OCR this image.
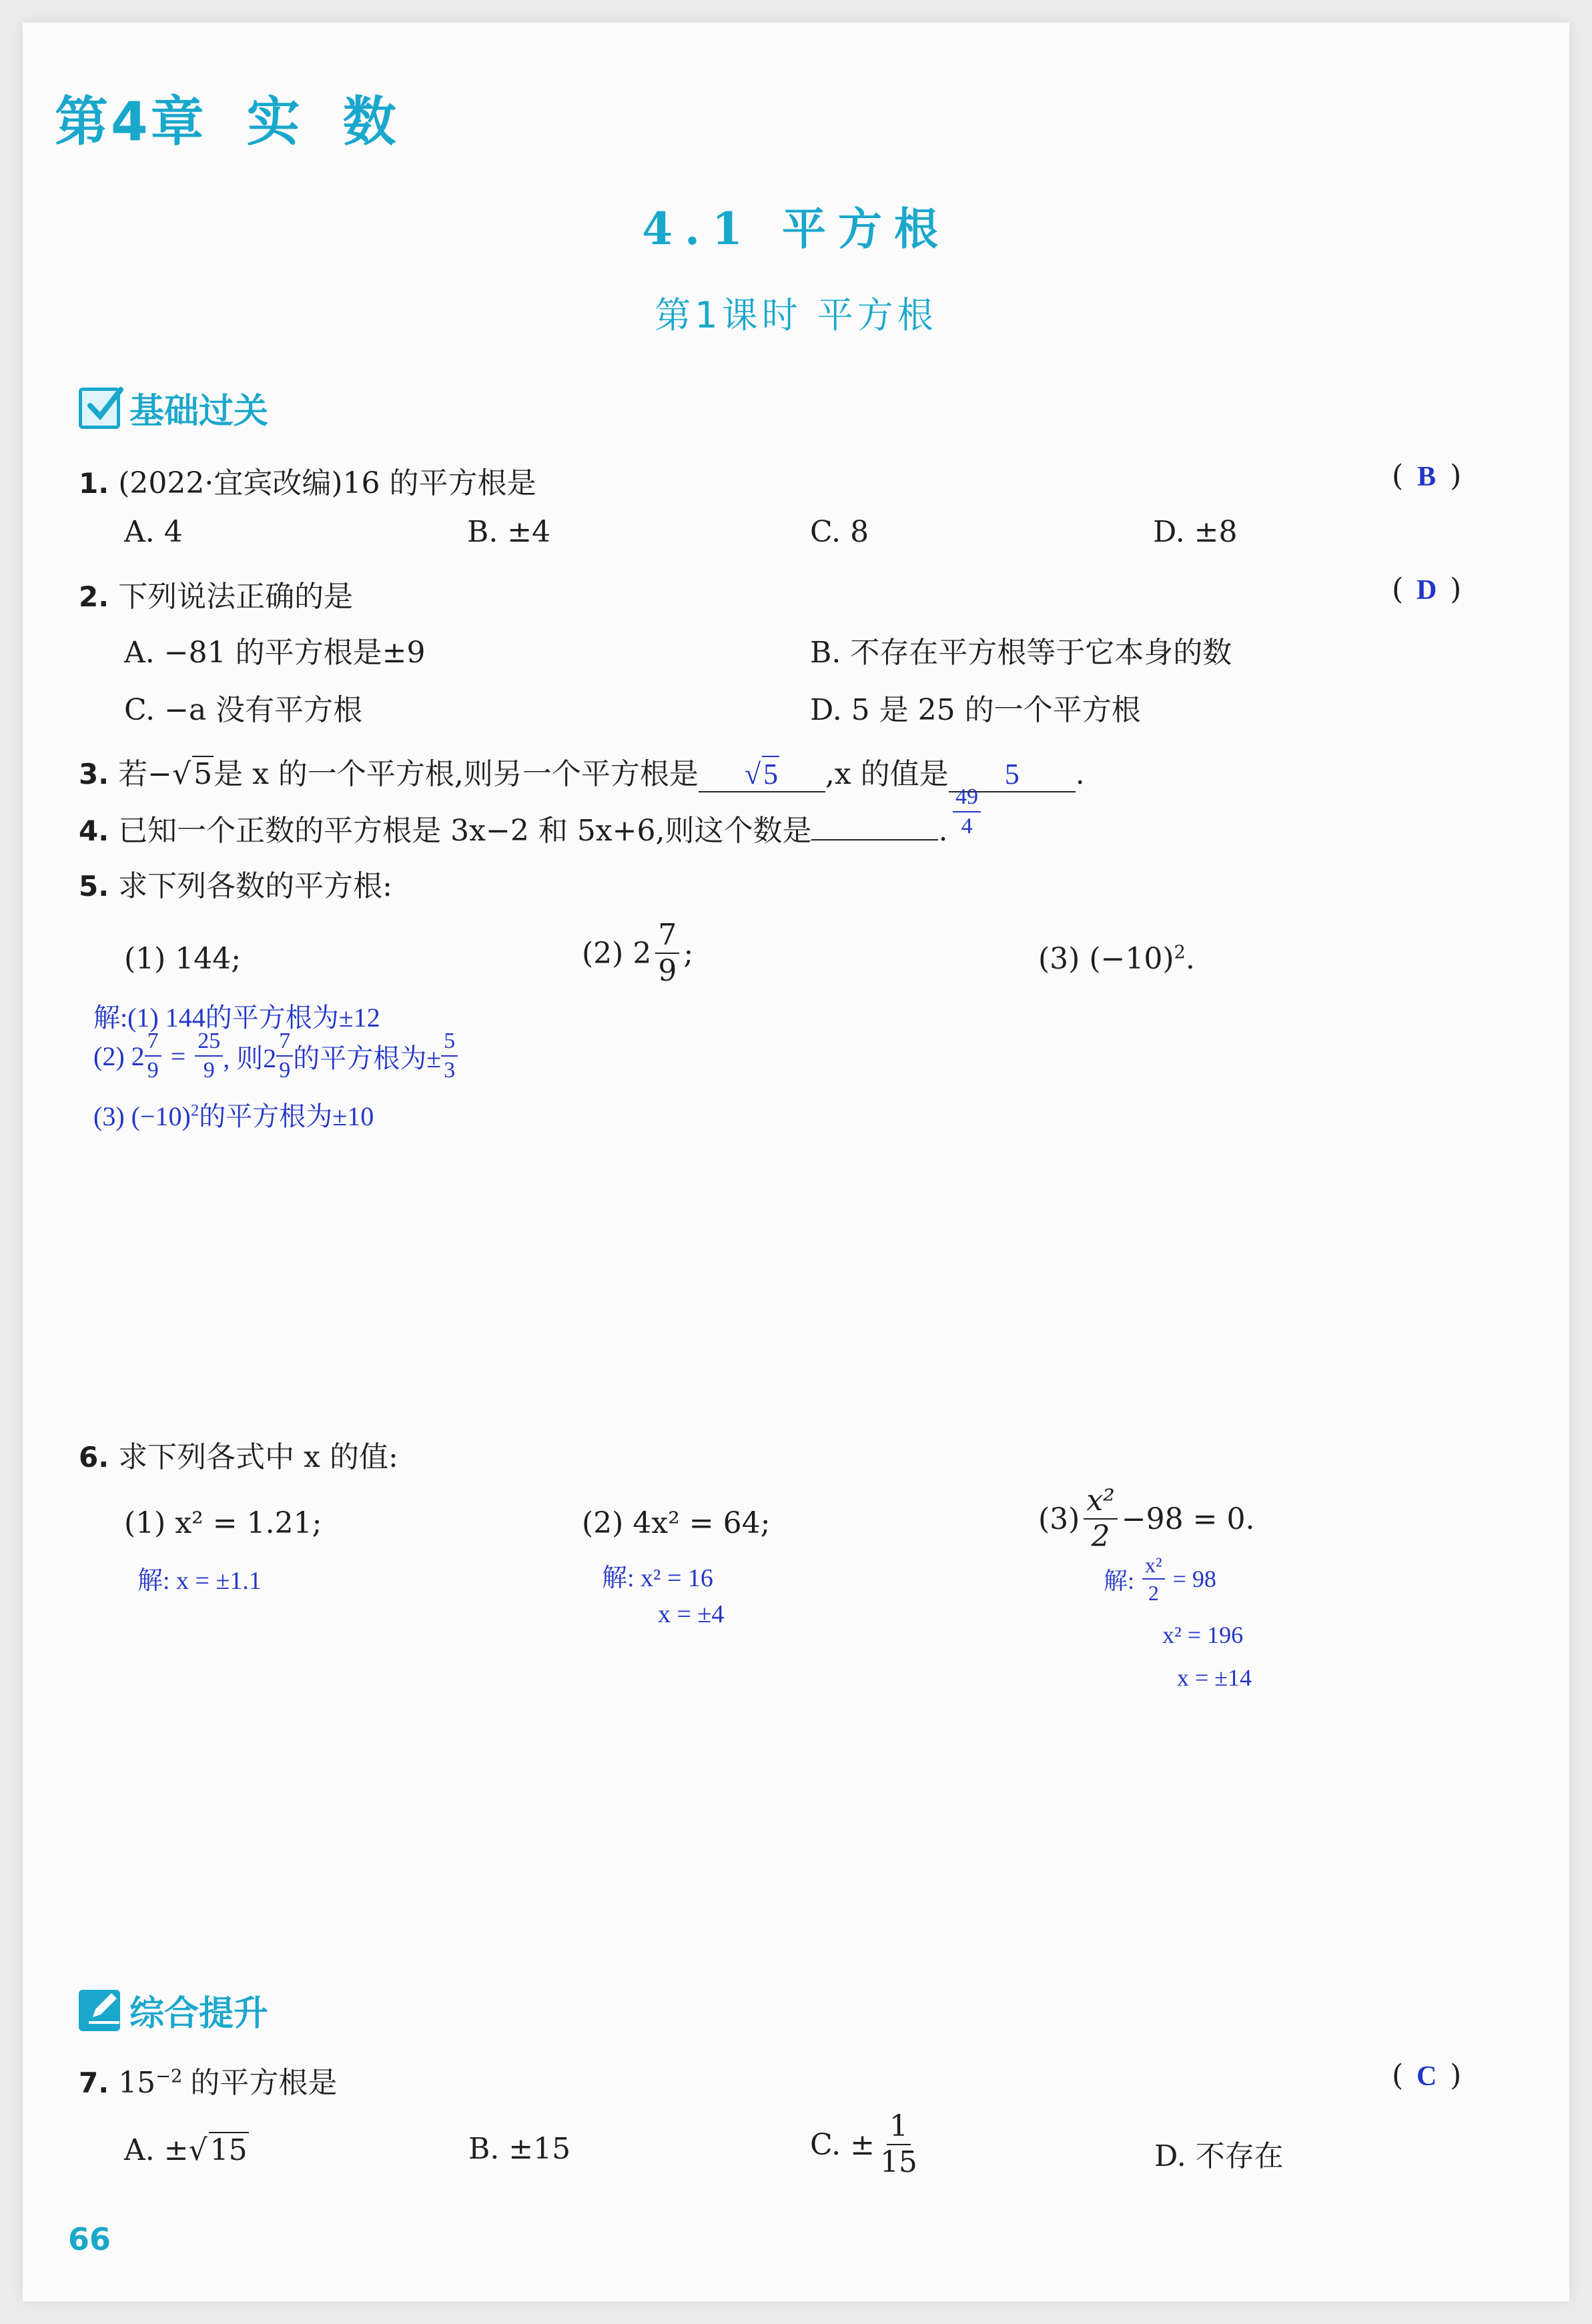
第4章 实 数
4.1 平方根
第1课时 平方根
基础过关
1. (2022·宜宾改编)16 的平方根是	( B )
A. 4	B. ±4	C. 8	D. ±8
2. 下列说法正确的是	( D )
A. −81 的平方根是±9	B. 不存在平方根等于它本身的数
C. −a 没有平方根	D. 5 是 25 的一个平方根
3. 若−√5是 x 的一个平方根,则另一个平方根是 √5 ,x 的值是 5 .
4. 已知一个正数的平方根是 3x−2 和 5x+6,则这个数是	. $\frac{49}{4}$
5. 求下列各数的平方根:
(1) 144;	(2) $2 \frac{7}{9}$ ;	(3) $(-10)^2$.
解:(1) 144的平方根为±12
(2) $2 \frac{7}{9} = \frac{25}{9}$ , 则$2 \frac{7}{9}$ 的平方根为± $\frac{5}{3}$
(3) $(-10)^2$的平方根为±10
6. 求下列各式中 x 的值:
(1) x² = 1.21;	(2) 4x² = 64;	$(3) \frac{\text{x²}}{2} -98 = 0$.
解: x = ±1.1	解: x² = 16
x = ±4
解: $\frac{\text{x²}}{2} = 98$
x² = 196
x = ±14
综合提升
7. $15^{-2}$ 的平方根是	( C )
A. ±√15	B. ±15	C. ± $\frac{1}{15}$	D. 不存在
66
